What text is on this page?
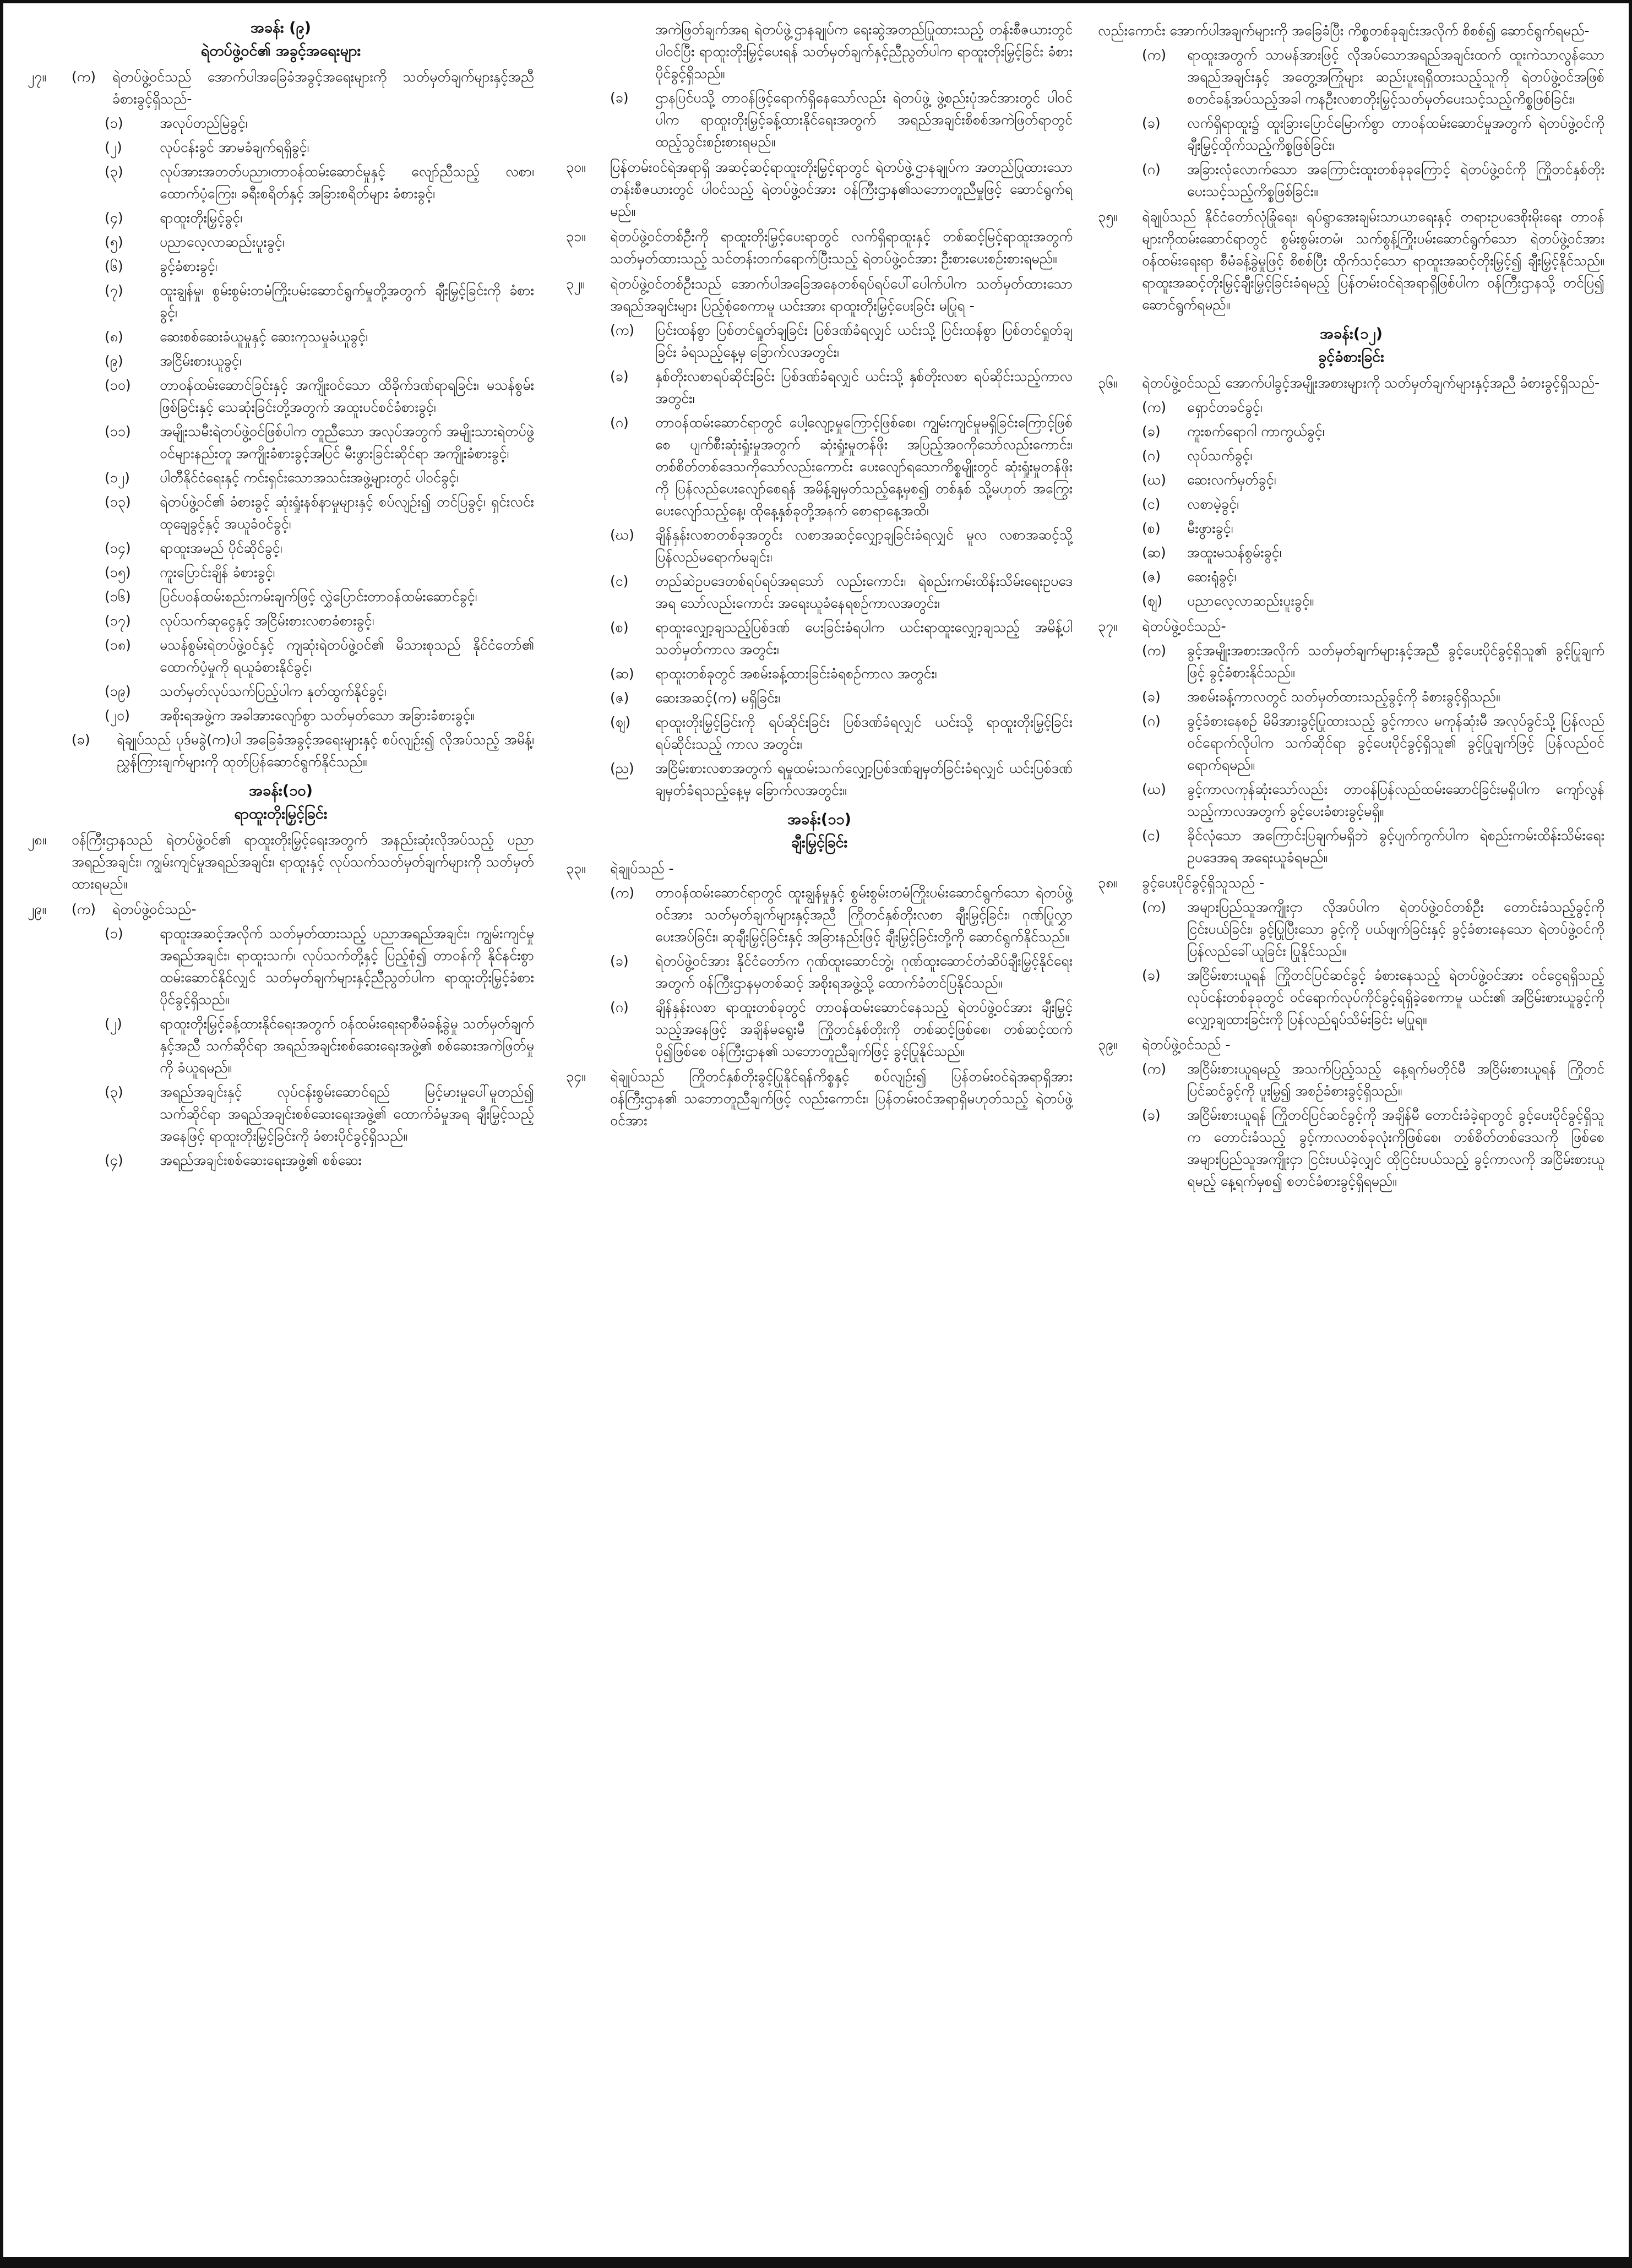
အခန်း (၉)
ရဲတပ်ဖွဲ့ဝင်၏ အခွင့်အရေးများ
၂၇။	(က)	ရဲတပ်ဖွဲ့ဝင်သည် အောက်ပါအခြေခံအခွင့်အရေးများကို သတ်မှတ်ချက်များနှင့်အညီ ခံစားခွင့်ရှိသည်-
(၁)	အလုပ်တည်မြဲခွင့်၊
(၂)	လုပ်ငန်းခွင် အာမခံချက်ရရှိခွင့်၊
(၃)	လုပ်အားအတတ်ပညာ၊တာဝန်ထမ်းဆောင်မှုနှင့် လျော်ညီသည့် လစာ၊ ထောက်ပံ့ကြေး၊ ခရီးစရိတ်နှင့် အခြားစရိတ်များ ခံစားခွင့်၊
(၄)	ရာထူးတိုးမြှင့်ခွင့်၊
(၅)	ပညာလေ့လာဆည်းပူးခွင့်၊
(၆)	ခွင့်ခံစားခွင့်၊
(၇)	ထူးချွန်မှု၊ စွမ်းစွမ်းတမံကြိုးပမ်းဆောင်ရွက်မှုတို့အတွက် ချီးမြှင့်ခြင်းကို ခံစားခွင့်၊
(၈)	ဆေးစစ်ဆေးခံယူမှုနှင့် ဆေးကုသမှုခံယူခွင့်၊
(၉)	အငြိမ်းစားယူခွင့်၊
(၁၀)	တာဝန်ထမ်းဆောင်ခြင်းနှင့် အကျိုးဝင်သော ထိခိုက်ဒဏ်ရာရခြင်း၊ မသန်စွမ်းဖြစ်ခြင်းနှင့် သေဆုံးခြင်းတို့အတွက် အထူးပင်စင်ခံစားခွင့်၊
(၁၁)	အမျိုးသမီးရဲတပ်ဖွဲ့ဝင်ဖြစ်ပါက တူညီသော အလုပ်အတွက် အမျိုးသားရဲတပ်ဖွဲ့ဝင်များနည်းတူ အကျိုးခံစားခွင့်အပြင် မီးဖွားခြင်းဆိုင်ရာ အကျိုးခံစားခွင့်၊
(၁၂)	ပါတီနိုင်ငံရေးနှင့် ကင်းရှင်းသောအသင်းအဖွဲ့များတွင် ပါဝင်ခွင့်၊
(၁၃)	ရဲတပ်ဖွဲ့ဝင်၏ ခံစားခွင့် ဆုံးရှုံးနစ်နာမှုများနှင့် စပ်လျဉ်း၍ တင်ပြခွင့်၊ ရှင်းလင်းထုချေခွင့်နှင့် အယူခံဝင်ခွင့်၊
(၁၄)	ရာထူးအမည် ပိုင်ဆိုင်ခွင့်၊
(၁၅)	ကူးပြောင်းချိန် ခံစားခွင့်၊
(၁၆)	ပြင်ပဝန်ထမ်းစည်းကမ်းချက်ဖြင့် လွှဲပြောင်းတာဝန်ထမ်းဆောင်ခွင့်၊
(၁၇)	လုပ်သက်ဆုငွေနှင့် အငြိမ်းစားလစာခံစားခွင့်၊
(၁၈)	မသန်စွမ်းရဲတပ်ဖွဲ့ဝင်နှင့် ကျဆုံးရဲတပ်ဖွဲ့ဝင်၏ မိသားစုသည် နိုင်ငံတော်၏ ထောက်ပံ့မှုကို ရယူခံစားနိုင်ခွင့်၊
(၁၉)	သတ်မှတ်လုပ်သက်ပြည့်ပါက နုတ်ထွက်နိုင်ခွင့်၊
(၂၀)	အစိုးရအဖွဲ့က အခါအားလျော်စွာ သတ်မှတ်သော အခြားခံစားခွင့်။
(ခ)	ရဲချုပ်သည် ပုဒ်မခွဲ(က)ပါ အခြေခံအခွင့်အရေးများနှင့် စပ်လျဉ်း၍ လိုအပ်သည့် အမိန့်၊ ညွှန်ကြားချက်များကို ထုတ်ပြန်ဆောင်ရွက်နိုင်သည်။
အခန်း(၁၀)
ရာထူးတိုးမြှင့်ခြင်း
၂၈။	ဝန်ကြီးဌာနသည် ရဲတပ်ဖွဲ့ဝင်၏ ရာထူးတိုးမြှင့်ရေးအတွက် အနည်းဆုံးလိုအပ်သည့် ပညာအရည်အချင်း၊ ကျွမ်းကျင်မှုအရည်အချင်း၊ ရာထူးနှင့် လုပ်သက်သတ်မှတ်ချက်များကို သတ်မှတ်ထားရမည်။
၂၉။	(က)	ရဲတပ်ဖွဲ့ဝင်သည်-
(၁)	ရာထူးအဆင့်အလိုက် သတ်မှတ်ထားသည့် ပညာအရည်အချင်း၊ ကျွမ်းကျင်မှုအရည်အချင်း၊ ရာထူးသက်၊ လုပ်သက်တို့နှင့် ပြည့်စုံ၍ တာဝန်ကို နိုင်နင်းစွာထမ်းဆောင်နိုင်လျှင် သတ်မှတ်ချက်များနှင့်ညီညွတ်ပါက ရာထူးတိုးမြှင့်ခံစားပိုင်ခွင့်ရှိသည်။
(၂)	ရာထူးတိုးမြှင့်ခန့်ထားနိုင်ရေးအတွက် ဝန်ထမ်းရေးရာစီမံခန့်ခွဲမှု သတ်မှတ်ချက်နှင့်အညီ သက်ဆိုင်ရာ အရည်အချင်းစစ်ဆေးရေးအဖွဲ့၏ စစ်ဆေးအကဲဖြတ်မှုကို ခံယူရမည်။
(၃)	အရည်အချင်းနှင့် လုပ်ငန်းစွမ်းဆောင်ရည် မြင့်မားမှုပေါ်မူတည်၍ သက်ဆိုင်ရာ အရည်အချင်းစစ်ဆေးရေးအဖွဲ့၏ ထောက်ခံမှုအရ ချီးမြှင့်သည့်အနေဖြင့် ရာထူးတိုးမြှင့်ခြင်းကို ခံစားပိုင်ခွင့်ရှိသည်။
(၄)	အရည်အချင်းစစ်ဆေးရေးအဖွဲ့၏ စစ်ဆေး
အကဲဖြတ်ချက်အရ ရဲတပ်ဖွဲ့ဌာနချုပ်က ရေးဆွဲအတည်ပြုထားသည့် တန်းစီဇယားတွင် ပါဝင်ပြီး ရာထူးတိုးမြှင့်ပေးရန် သတ်မှတ်ချက်နှင့်ညီညွတ်ပါက ရာထူးတိုးမြှင့်ခြင်း ခံစားပိုင်ခွင့်ရှိသည်။
(ခ)	ဌာနပြင်ပသို့ တာဝန်ဖြင့်ရောက်ရှိနေသော်လည်း ရဲတပ်ဖွဲ့ ဖွဲ့စည်းပုံအင်အားတွင် ပါဝင်ပါက ရာထူးတိုးမြှင့်ခန့်ထားနိုင်ရေးအတွက် အရည်အချင်းစိစစ်အကဲဖြတ်ရာတွင် ထည့်သွင်းစဉ်းစားရမည်။
၃၀။	ပြန်တမ်းဝင်ရဲအရာရှိ အဆင့်ဆင့်ရာထူးတိုးမြှင့်ရာတွင် ရဲတပ်ဖွဲ့ဌာနချုပ်က အတည်ပြုထားသော တန်းစီဇယားတွင် ပါဝင်သည့် ရဲတပ်ဖွဲ့ဝင်အား ဝန်ကြီးဌာန၏သဘောတူညီမှုဖြင့် ဆောင်ရွက်ရမည်။
၃၁။	ရဲတပ်ဖွဲ့ဝင်တစ်ဦးကို ရာထူးတိုးမြှင့်ပေးရာတွင် လက်ရှိရာထူးနှင့် တစ်ဆင့်မြင့်ရာထူးအတွက် သတ်မှတ်ထားသည့် သင်တန်းတက်ရောက်ပြီးသည့် ရဲတပ်ဖွဲ့ဝင်အား ဦးစားပေးစဉ်းစားရမည်။
၃၂။	ရဲတပ်ဖွဲ့ဝင်တစ်ဦးသည် အောက်ပါအခြေအနေတစ်ရပ်ရပ်ပေါ်ပေါက်ပါက သတ်မှတ်ထားသော အရည်အချင်းများ ပြည့်စုံစေကာမူ ယင်းအား ရာထူးတိုးမြှင့်ပေးခြင်း မပြုရ -
(က)	ပြင်းထန်စွာ ပြစ်တင်ရှုတ်ချခြင်း ပြစ်ဒဏ်ခံရလျှင် ယင်းသို့ ပြင်းထန်စွာ ပြစ်တင်ရှုတ်ချခြင်း ခံရသည့်နေ့မှ ခြောက်လအတွင်း၊
(ခ)	နှစ်တိုးလစာရပ်ဆိုင်းခြင်း ပြစ်ဒဏ်ခံရလျှင် ယင်းသို့ နှစ်တိုးလစာ ရပ်ဆိုင်းသည့်ကာလအတွင်း၊
(ဂ)	တာဝန်ထမ်းဆောင်ရာတွင် ပေါ့လျော့မှုကြောင့်ဖြစ်စေ၊ ကျွမ်းကျင်မှုမရှိခြင်းကြောင့်ဖြစ်စေ ပျက်စီးဆုံးရှုံးမှုအတွက် ဆုံးရှုံးမှုတန်ဖိုး အပြည့်အဝကိုသော်လည်းကောင်း၊ တစ်စိတ်တစ်ဒေသကိုသော်လည်းကောင်း ပေးလျော်ရသောကိစ္စမျိုးတွင် ဆုံးရှုံးမှုတန်ဖိုးကို ပြန်လည်ပေးလျော်စေရန် အမိန့်ချမှတ်သည့်နေ့မှစ၍ တစ်နှစ် သို့မဟုတ် အကြွေးပေးလျော်သည့်နေ့၊ ထိုနေ့နှစ်ခုတို့အနက် စောရာနေ့အထိ၊
(ဃ)	ချိန်နှန်းလစာတစ်ခုအတွင်း လစာအဆင့်လျှော့ချခြင်းခံရလျှင် မူလ လစာအဆင့်သို့ ပြန်လည်မရောက်မချင်း၊
(င)	တည်ဆဲဥပဒေတစ်ရပ်ရပ်အရသော် လည်းကောင်း၊ ရဲစည်းကမ်းထိန်းသိမ်းရေးဥပဒေအရ သော်လည်းကောင်း အရေးယူခံနေရစဉ်ကာလအတွင်း၊
(စ)	ရာထူးလျှော့ချသည့်ပြစ်ဒဏ် ပေးခြင်းခံရပါက ယင်းရာထူးလျှော့ချသည့် အမိန့်ပါ သတ်မှတ်ကာလ အတွင်း၊
(ဆ)	ရာထူးတစ်ခုတွင် အစမ်းခန့်ထားခြင်းခံရစဉ်ကာလ အတွင်း၊
(ဇ)	ဆေးအဆင့်(က) မရှိခြင်း၊
(ဈ)	ရာထူးတိုးမြှင့်ခြင်းကို ရပ်ဆိုင်းခြင်း ပြစ်ဒဏ်ခံရလျှင် ယင်းသို့ ရာထူးတိုးမြှင့်ခြင်း ရပ်ဆိုင်းသည့် ကာလ အတွင်း၊
(ည)	အငြိမ်းစားလစာအတွက် ရမှုထမ်းသက်လျှော့ပြစ်ဒဏ်ချမှတ်ခြင်းခံရလျှင် ယင်းပြစ်ဒဏ်ချမှတ်ခံရသည့်နေ့မှ ခြောက်လအတွင်း။
အခန်း(၁၁)
ချီးမြှင့်ခြင်း
၃၃။	ရဲချုပ်သည် -
(က)	တာဝန်ထမ်းဆောင်ရာတွင် ထူးချွန်မှုနှင့် စွမ်းစွမ်းတမံကြိုးပမ်းဆောင်ရွက်သော ရဲတပ်ဖွဲ့ဝင်အား သတ်မှတ်ချက်များနှင့်အညီ ကြိုတင်နှစ်တိုးလစာ ချီးမြှင့်ခြင်း၊ ဂုဏ်ပြုလွှာပေးအပ်ခြင်း၊ ဆုချီးမြှင့်ခြင်းနှင့် အခြားနည်းဖြင့် ချီးမြှင့်ခြင်းတို့ကို ဆောင်ရွက်နိုင်သည်။
(ခ)	ရဲတပ်ဖွဲ့ဝင်အား နိုင်ငံတော်က ဂုဏ်ထူးဆောင်ဘွဲ့၊ ဂုဏ်ထူးဆောင်တံဆိပ်ချီးမြှင့်နိုင်ရေးအတွက် ဝန်ကြီးဌာနမှတစ်ဆင့် အစိုးရအဖွဲ့သို့ ထောက်ခံတင်ပြနိုင်သည်။
(ဂ)	ချိန်နှန်းလစာ ရာထူးတစ်ခုတွင် တာဝန်ထမ်းဆောင်နေသည့် ရဲတပ်ဖွဲ့ဝင်အား ချီးမြှင့်သည့်အနေဖြင့် အချိန်မရွေးမီ ကြိုတင်နှစ်တိုးကို တစ်ဆင့်ဖြစ်စေ၊ တစ်ဆင့်ထက်ပို၍ဖြစ်စေ ဝန်ကြီးဌာန၏ သဘောတူညီချက်ဖြင့် ခွင့်ပြုနိုင်သည်။
၃၄။	ရဲချုပ်သည် ကြိုတင်နှစ်တိုးခွင့်ပြုနိုင်ရန်ကိစ္စနှင့် စပ်လျဉ်း၍ ပြန်တမ်းဝင်ရဲအရာရှိအား ဝန်ကြီးဌာန၏ သဘောတူညီချက်ဖြင့် လည်းကောင်း၊ ပြန်တမ်းဝင်အရာရှိမဟုတ်သည့် ရဲတပ်ဖွဲ့ဝင်အား
လည်းကောင်း အောက်ပါအချက်များကို အခြေခံပြီး ကိစ္စတစ်ခုချင်းအလိုက် စိစစ်၍ ဆောင်ရွက်ရမည်-
(က)	ရာထူးအတွက် သာမန်အားဖြင့် လိုအပ်သောအရည်အချင်းထက် ထူးကဲသာလွန်သော အရည်အချင်းနှင့် အတွေ့အကြုံများ ဆည်းပူးရရှိထားသည့်သူကို ရဲတပ်ဖွဲ့ဝင်အဖြစ် စတင်ခန့်အပ်သည့်အခါ ကနဦးလစာတိုးမြှင့်သတ်မှတ်ပေးသင့်သည့်ကိစ္စဖြစ်ခြင်း၊
(ခ)	လက်ရှိရာထူး၌ ထူးခြားပြောင်မြောက်စွာ တာဝန်ထမ်းဆောင်မှုအတွက် ရဲတပ်ဖွဲ့ဝင်ကို ချီးမြှင့်ထိုက်သည့်ကိစ္စဖြစ်ခြင်း၊
(ဂ)	အခြားလုံလောက်သော အကြောင်းထူးတစ်ခုခုကြောင့် ရဲတပ်ဖွဲ့ဝင်ကို ကြိုတင်နှစ်တိုးပေးသင့်သည့်ကိစ္စဖြစ်ခြင်း။
၃၅။	ရဲချုပ်သည် နိုင်ငံတော်လုံခြုံရေး၊ ရပ်ရွာအေးချမ်းသာယာရေးနှင့် တရားဥပဒေစိုးမိုးရေး တာဝန်များကိုထမ်းဆောင်ရာတွင် စွမ်းစွမ်းတမံ၊ သက်စွန့်ကြိုးပမ်းဆောင်ရွက်သော ရဲတပ်ဖွဲ့ဝင်အား ဝန်ထမ်းရေးရာ စီမံခန့်ခွဲမှုဖြင့် စိစစ်ပြီး ထိုက်သင့်သော ရာထူးအဆင့်တိုးမြှင့်၍ ချီးမြှင့်နိုင်သည်။ ရာထူးအဆင့်တိုးမြှင့်ချီးမြှင့်ခြင်းခံရမည့် ပြန်တမ်းဝင်ရဲအရာရှိဖြစ်ပါက ဝန်ကြီးဌာနသို့ တင်ပြ၍ ဆောင်ရွက်ရမည်။
အခန်း(၁၂)
ခွင့်ခံစားခြင်း
၃၆။	ရဲတပ်ဖွဲ့ဝင်သည် အောက်ပါခွင့်အမျိုးအစားများကို သတ်မှတ်ချက်များနှင့်အညီ ခံစားခွင့်ရှိသည်-
(က)	ရှောင်တခင်ခွင့်၊
(ခ)	ကူးစက်ရောဂါ ကာကွယ်ခွင့်၊
(ဂ)	လုပ်သက်ခွင့်၊
(ဃ)	ဆေးလက်မှတ်ခွင့်၊
(င)	လစာမဲ့ခွင့်၊
(စ)	မီးဖွားခွင့်၊
(ဆ)	အထူးမသန်စွမ်းခွင့်၊
(ဇ)	ဆေးရုံခွင့်၊
(ဈ)	ပညာလေ့လာဆည်းပူးခွင့်။
၃၇။	ရဲတပ်ဖွဲ့ဝင်သည်-
(က)	ခွင့်အမျိုးအစားအလိုက် သတ်မှတ်ချက်များနှင့်အညီ ခွင့်ပေးပိုင်ခွင့်ရှိသူ၏ ခွင့်ပြုချက်ဖြင့် ခွင့်ခံစားနိုင်သည်။
(ခ)	အစမ်းခန့်ကာလတွင် သတ်မှတ်ထားသည့်ခွင့်ကို ခံစားခွင့်ရှိသည်။
(ဂ)	ခွင့်ခံစားနေစဉ် မိမိအားခွင့်ပြုထားသည့် ခွင့်ကာလ မကုန်ဆုံးမီ အလုပ်ခွင်သို့ ပြန်လည်ဝင်ရောက်လိုပါက သက်ဆိုင်ရာ ခွင့်ပေးပိုင်ခွင့်ရှိသူ၏ ခွင့်ပြုချက်ဖြင့် ပြန်လည်ဝင်ရောက်ရမည်။
(ဃ)	ခွင့်ကာလကုန်ဆုံးသော်လည်း တာဝန်ပြန်လည်ထမ်းဆောင်ခြင်းမရှိပါက ကျော်လွန်သည့်ကာလအတွက် ခွင့်ပေးခံစားခွင့်မရှိ။
(င)	ခိုင်လုံသော အကြောင်းပြချက်မရှိဘဲ ခွင့်ပျက်ကွက်ပါက ရဲစည်းကမ်းထိန်းသိမ်းရေး ဥပဒေအရ အရေးယူခံရမည်။
၃၈။	ခွင့်ပေးပိုင်ခွင့်ရှိသူသည် -
(က)	အများပြည်သူအကျိုးငှာ လိုအပ်ပါက ရဲတပ်ဖွဲ့ဝင်တစ်ဦး တောင်းခံသည့်ခွင့်ကို ငြင်းပယ်ခြင်း၊ ခွင့်ပြုပြီးသော ခွင့်ကို ပယ်ဖျက်ခြင်းနှင့် ခွင့်ခံစားနေသော ရဲတပ်ဖွဲ့ဝင်ကို ပြန်လည်ခေါ်ယူခြင်း ပြုနိုင်သည်။
(ခ)	အငြိမ်းစားယူရန် ကြိုတင်ပြင်ဆင်ခွင့် ခံစားနေသည့် ရဲတပ်ဖွဲ့ဝင်အား ဝင်ငွေရရှိသည့် လုပ်ငန်းတစ်ခုခုတွင် ဝင်ရောက်လုပ်ကိုင်ခွင့်ရရှိခဲ့စေကာမူ ယင်း၏ အငြိမ်းစားယူခွင့်ကို လျှော့ချထားခြင်းကို ပြန်လည်ရုပ်သိမ်းခြင်း မပြုရ။
၃၉။	ရဲတပ်ဖွဲ့ဝင်သည် -
(က)	အငြိမ်းစားယူရမည့် အသက်ပြည့်သည့် နေ့ရက်မတိုင်မီ အငြိမ်းစားယူရန် ကြိုတင်ပြင်ဆင်ခွင့်ကို ပူးမြှ၍ အစဉ်ခံစားခွင့်ရှိသည်။
(ခ)	အငြိမ်းစားယူရန် ကြိုတင်ပြင်ဆင်ခွင့်ကို အချိန်မီ တောင်းခံခဲ့ရာတွင် ခွင့်ပေးပိုင်ခွင့်ရှိသူက တောင်းခံသည့် ခွင့်ကာလတစ်ခုလုံးကိုဖြစ်စေ၊ တစ်စိတ်တစ်ဒေသကို ဖြစ်စေ အများပြည်သူအကျိုးငှာ ငြင်းပယ်ခဲ့လျှင် ထိုငြင်းပယ်သည့် ခွင့်ကာလကို အငြိမ်းစားယူရမည့် နေ့ရက်မှစ၍ စတင်ခံစားခွင့်ရှိရမည်။
